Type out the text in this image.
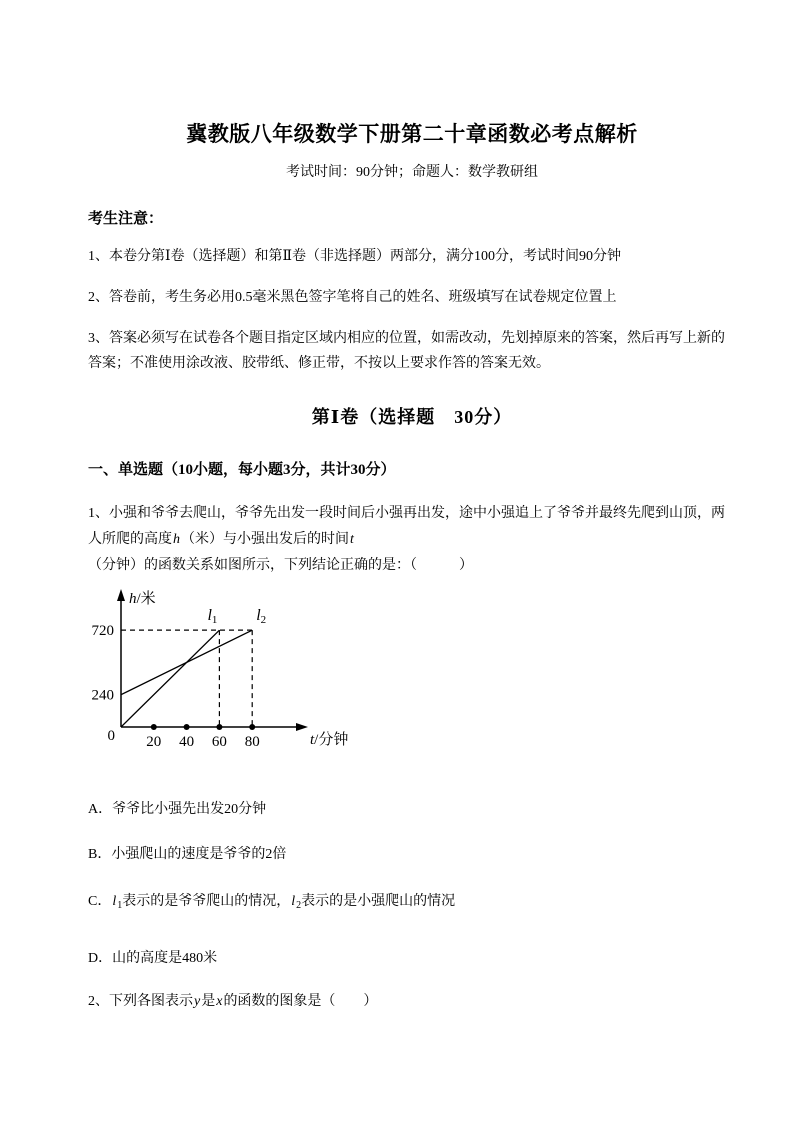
冀教版八年级数学下册第二十章函数必考点解析
考试时间：90分钟；命题人：数学教研组
考生注意：
1、本卷分第Ⅰ卷（选择题）和第Ⅱ卷（非选择题）两部分，满分100分，考试时间90分钟
2、答卷前，考生务必用0.5毫米黑色签字笔将自己的姓名、班级填写在试卷规定位置上
3、答案必须写在试卷各个题目指定区域内相应的位置，如需改动，先划掉原来的答案，然后再写上新的答案；不准使用涂改液、胶带纸、修正带，不按以上要求作答的答案无效。
第Ⅰ卷（选择题　30分）
一、单选题（10小题，每小题3分，共计30分）
1、小强和爷爷去爬山，爷爷先出发一段时间后小强再出发，途中小强追上了爷爷并最终先爬到山顶，两人所爬的高度h（米）与小强出发后的时间t（分钟）的函数关系如图所示，下列结论正确的是：（　　　）
20 40 60 80
720
240
0
h/米
t/分钟
l1 l2
A．爷爷比小强先出发20分钟
B．小强爬山的速度是爷爷的2倍
C．$l_1$表示的是爷爷爬山的情况，$l_2$表示的是小强爬山的情况
D．山的高度是480米
2、下列各图表示y是x的函数的图象是（　　）
